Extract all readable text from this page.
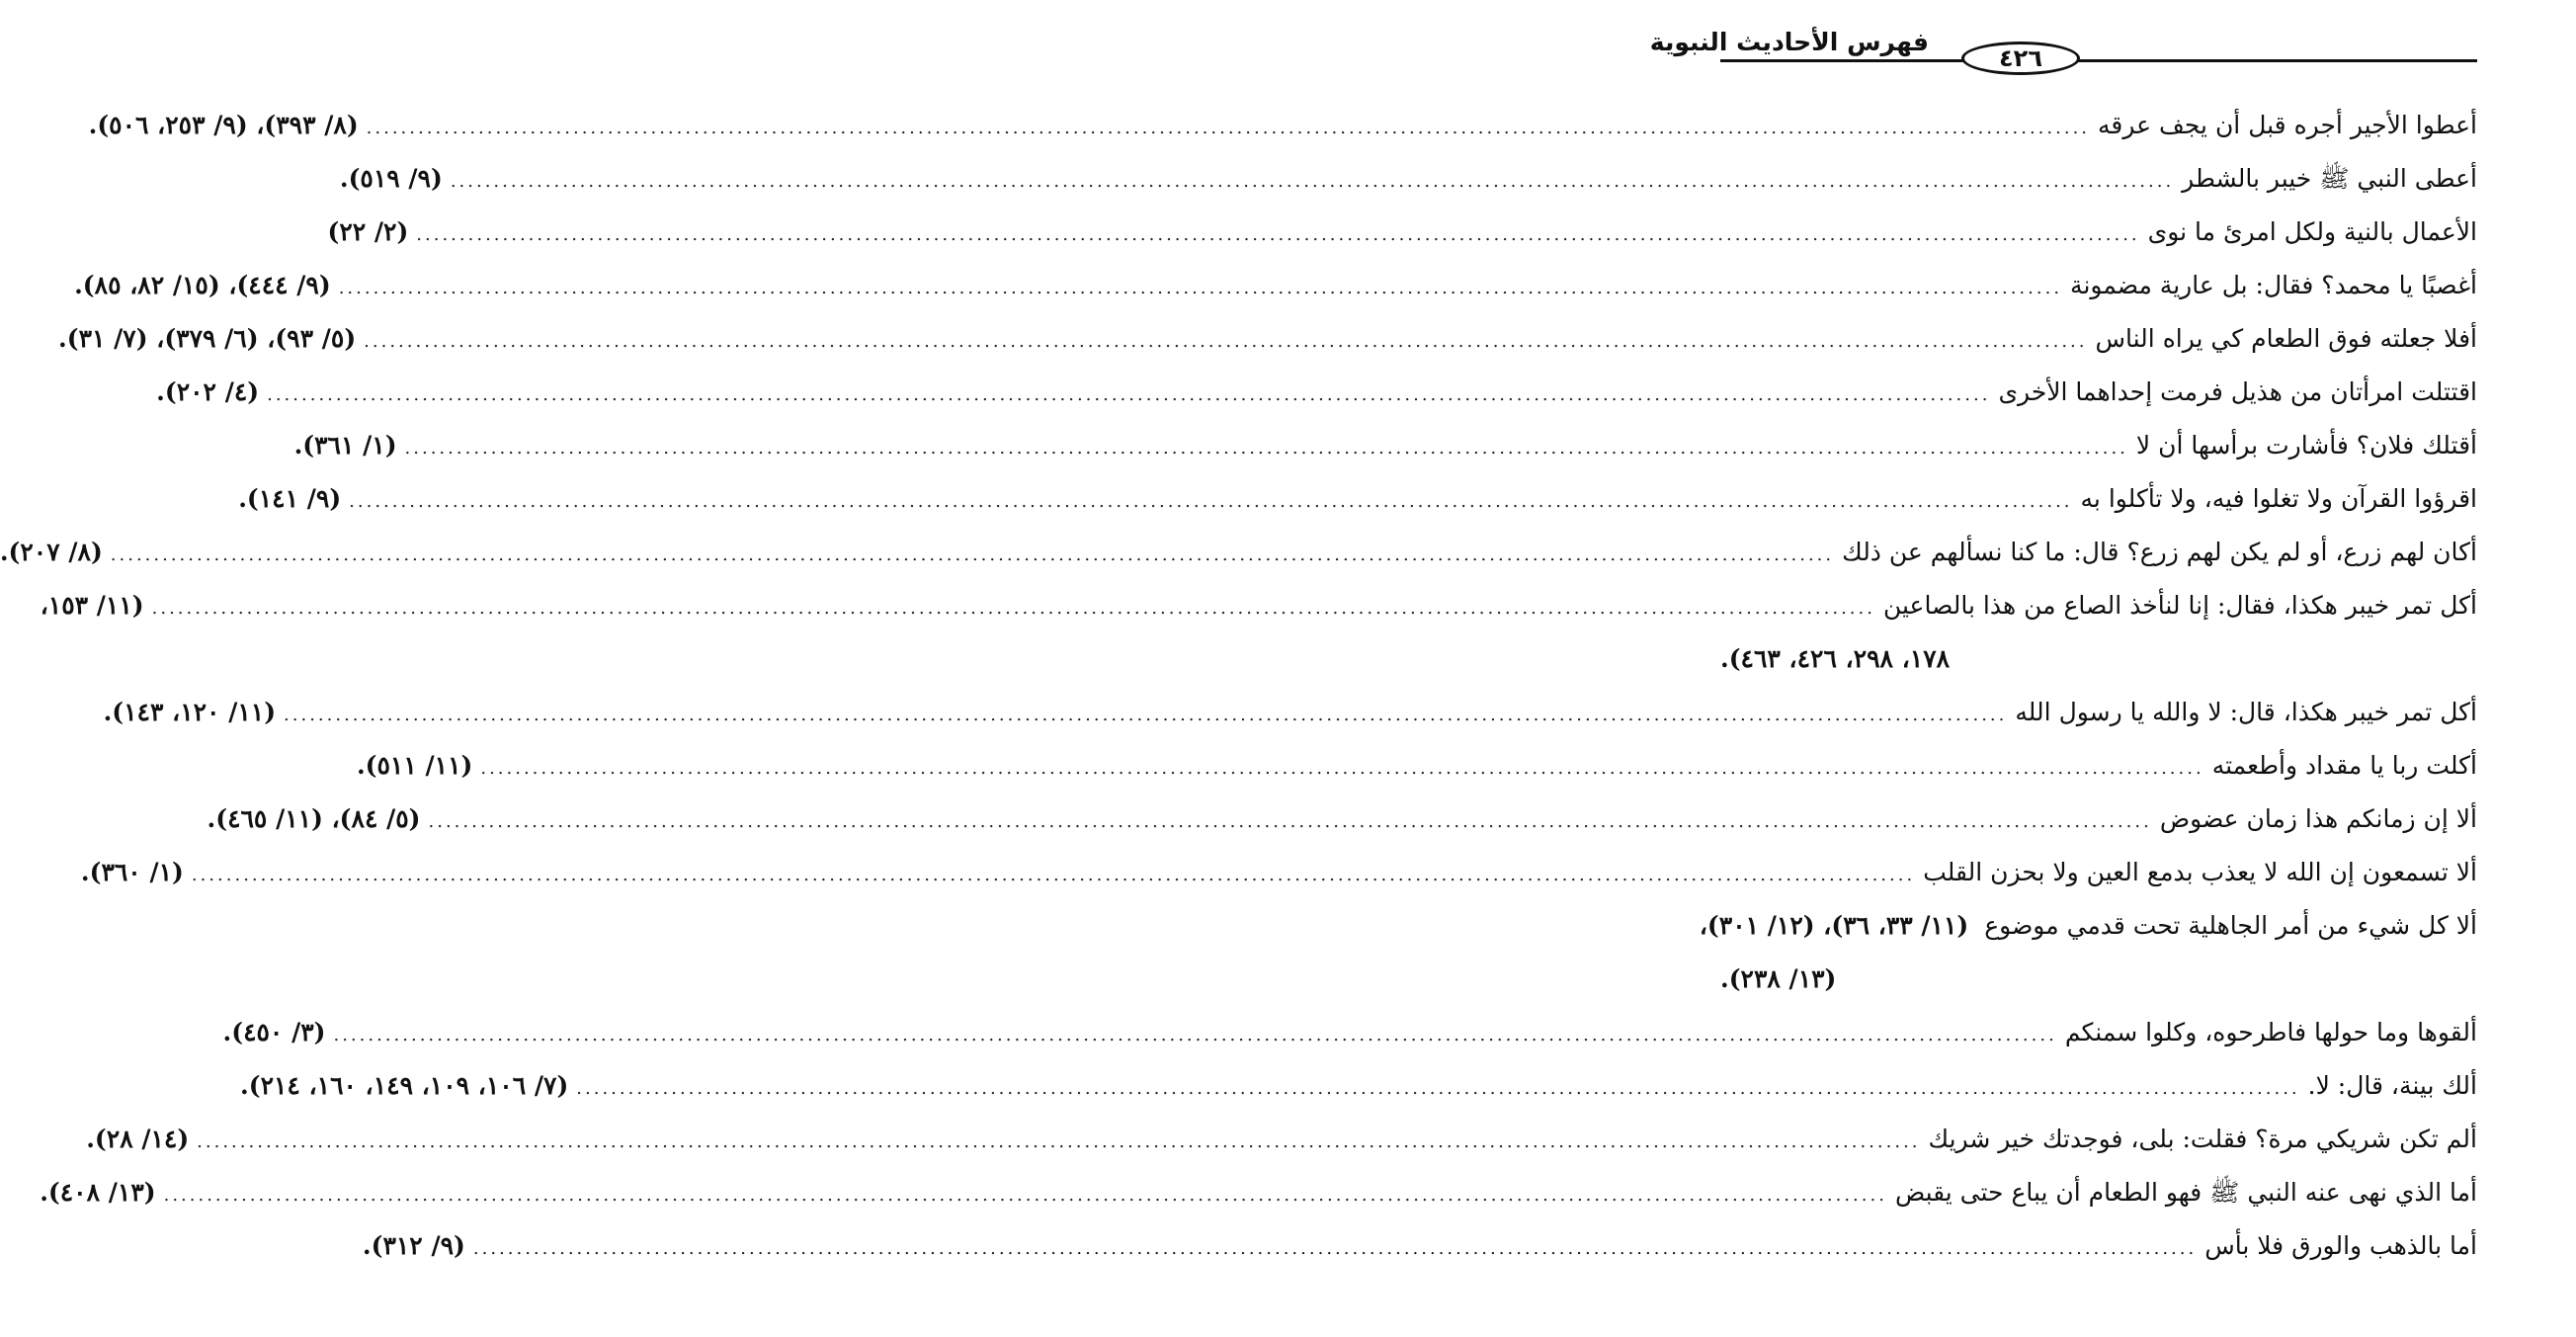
فهرس الأحاديث النبوية
٤٢٦
أعطوا الأجير أجره قبل أن يجف عرقه
........................................................................................................................................................................................................
(٨/ ٣٩٣)، (٩/ ٢٥٣، ٥٠٦).
أعطى النبي ﷺ خيبر بالشطر
........................................................................................................................................................................................................
(٩/ ٥١٩).
الأعمال بالنية ولكل امرئ ما نوى
........................................................................................................................................................................................................
(٢/ ٢٢)
أغصبًا يا محمد؟ فقال: بل عارية مضمونة
........................................................................................................................................................................................................
(٩/ ٤٤٤)، (١٥/ ٨٢، ٨٥).
أفلا جعلته فوق الطعام كي يراه الناس
........................................................................................................................................................................................................
(٥/ ٩٣)، (٦/ ٣٧٩)، (٧/ ٣١).
اقتتلت امرأتان من هذيل فرمت إحداهما الأخرى
........................................................................................................................................................................................................
(٤/ ٢٠٢).
أقتلك فلان؟ فأشارت برأسها أن لا
........................................................................................................................................................................................................
(١/ ٣٦١).
اقرؤوا القرآن ولا تغلوا فيه، ولا تأكلوا به
........................................................................................................................................................................................................
(٩/ ١٤١).
أكان لهم زرع، أو لم يكن لهم زرع؟ قال: ما كنا نسألهم عن ذلك
........................................................................................................................................................................................................
(٨/ ٢٠٧).
أكل تمر خيبر هكذا، فقال: إنا لنأخذ الصاع من هذا بالصاعين
........................................................................................................................................................................................................
(١١/ ١٥٣،
١٧٨، ٢٩٨، ٤٢٦، ٤٦٣).
أكل تمر خيبر هكذا، قال: لا والله يا رسول الله
........................................................................................................................................................................................................
(١١/ ١٢٠، ١٤٣).
أكلت ربا يا مقداد وأطعمته
........................................................................................................................................................................................................
(١١/ ٥١١).
ألا إن زمانكم هذا زمان عضوض
........................................................................................................................................................................................................
(٥/ ٨٤)، (١١/ ٤٦٥).
ألا تسمعون إن الله لا يعذب بدمع العين ولا بحزن القلب
........................................................................................................................................................................................................
(١/ ٣٦٠).
ألا كل شيء من أمر الجاهلية تحت قدمي موضوع
(١١/ ٣٣، ٣٦)، (١٢/ ٣٠١)،
(١٣/ ٢٣٨).
ألقوها وما حولها فاطرحوه، وكلوا سمنكم
........................................................................................................................................................................................................
(٣/ ٤٥٠).
ألك بينة، قال: لا.
........................................................................................................................................................................................................
(٧/ ١٠٦، ١٠٩، ١٤٩، ١٦٠، ٢١٤).
ألم تكن شريكي مرة؟ فقلت: بلى، فوجدتك خير شريك
........................................................................................................................................................................................................
(١٤/ ٢٨).
أما الذي نهى عنه النبي ﷺ فهو الطعام أن يباع حتى يقبض
........................................................................................................................................................................................................
(١٣/ ٤٠٨).
أما بالذهب والورق فلا بأس
........................................................................................................................................................................................................
(٩/ ٣١٢).
